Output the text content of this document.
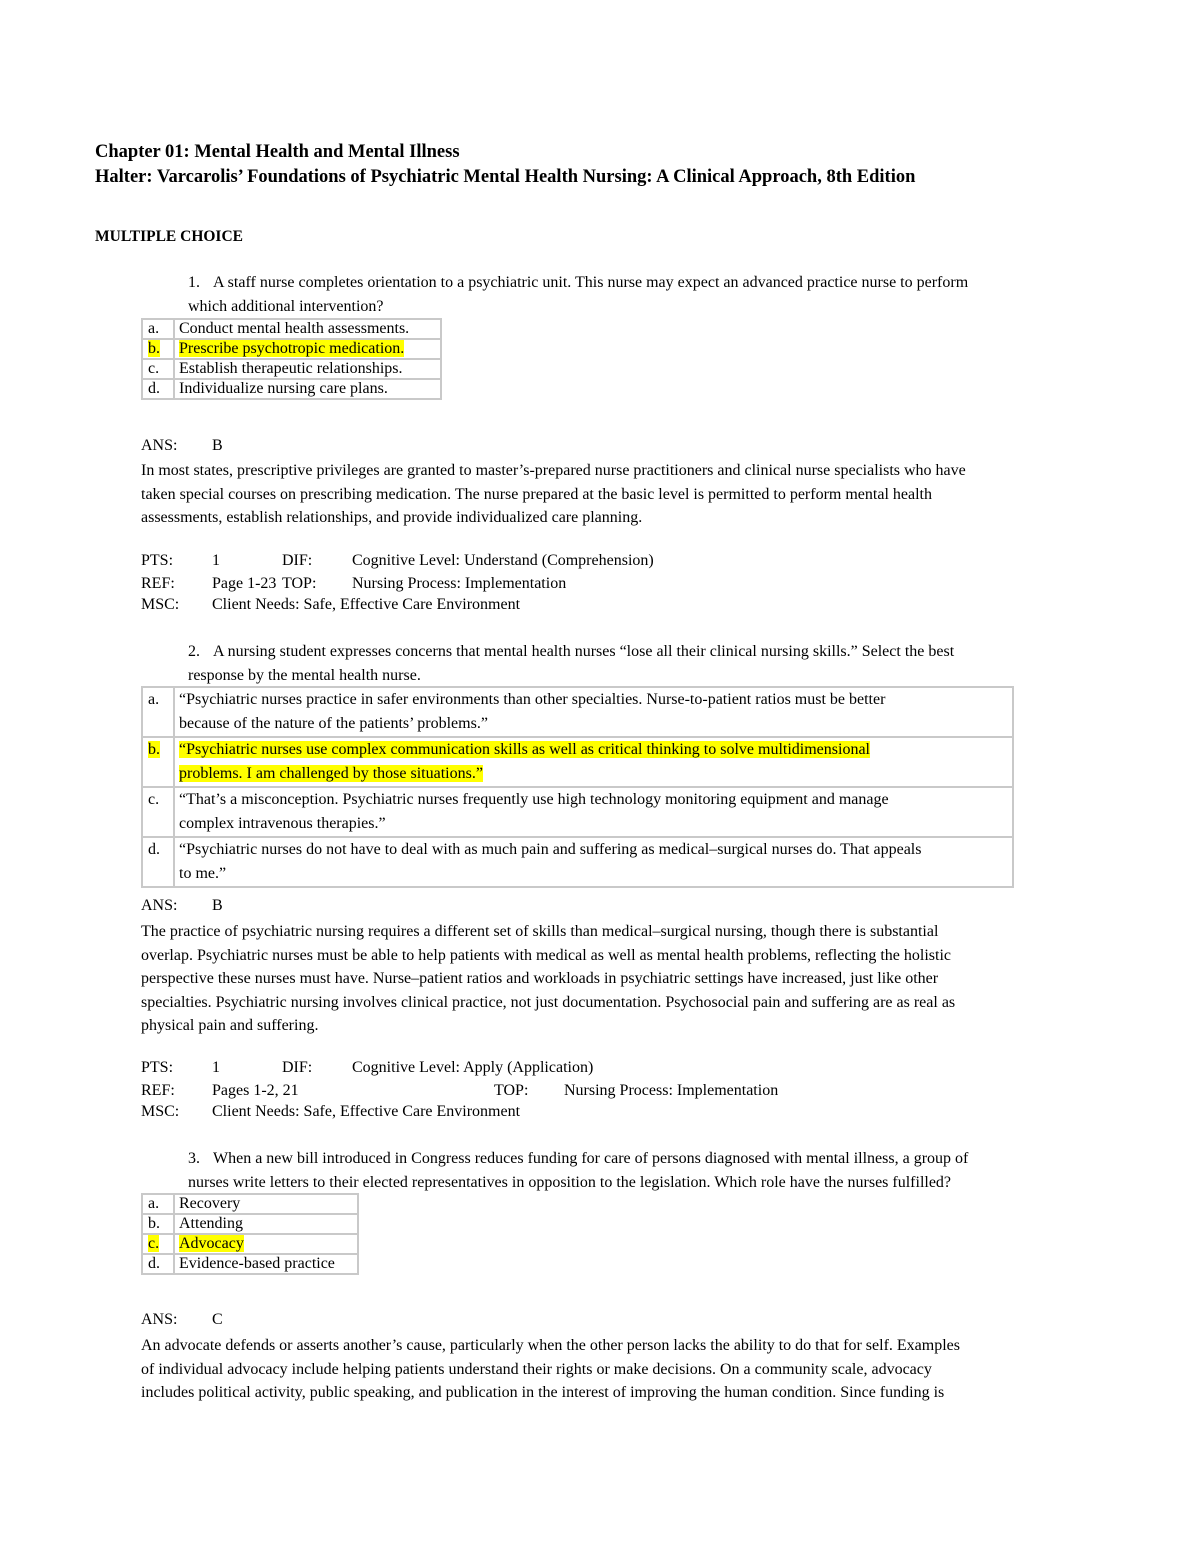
Chapter 01: Mental Health and Mental Illness
Halter: Varcarolis’ Foundations of Psychiatric Mental Health Nursing: A Clinical Approach, 8th Edition
MULTIPLE CHOICE
1. A staff nurse completes orientation to a psychiatric unit. This nurse may expect an advanced practice nurse to perform
which additional intervention?
a.	Conduct mental health assessments.
b.	Prescribe psychotropic medication.
c.	Establish therapeutic relationships.
d.	Individualize nursing care plans.
ANS: B
In most states, prescriptive privileges are granted to master’s-prepared nurse practitioners and clinical nurse specialists who have
taken special courses on prescribing medication. The nurse prepared at the basic level is permitted to perform mental health
assessments, establish relationships, and provide individualized care planning.
PTS: 1	DIF: Cognitive Level: Understand (Comprehension)
REF: Page 1-23 TOP: Nursing Process: Implementation
MSC: Client Needs: Safe, Effective Care Environment
2. A nursing student expresses concerns that mental health nurses “lose all their clinical nursing skills.” Select the best
response by the mental health nurse.
a.	“Psychiatric nurses practice in safer environments than other specialties. Nurse-to-patient ratios must be better
because of the nature of the patients’ problems.”

b.	“Psychiatric nurses use complex communication skills as well as critical thinking to solve multidimensional
problems. I am challenged by those situations.”

c.	“That’s a misconception. Psychiatric nurses frequently use high technology monitoring equipment and manage
complex intravenous therapies.”

d.	“Psychiatric nurses do not have to deal with as much pain and suffering as medical–surgical nurses do. That appeals
to me.”
ANS: B
The practice of psychiatric nursing requires a different set of skills than medical–surgical nursing, though there is substantial
overlap. Psychiatric nurses must be able to help patients with medical as well as mental health problems, reflecting the holistic
perspective these nurses must have. Nurse–patient ratios and workloads in psychiatric settings have increased, just like other
specialties. Psychiatric nursing involves clinical practice, not just documentation. Psychosocial pain and suffering are as real as
physical pain and suffering.
PTS: 1	DIF: Cognitive Level: Apply (Application)
REF: Pages 1-2, 21	TOP: Nursing Process: Implementation
MSC: Client Needs: Safe, Effective Care Environment
3. When a new bill introduced in Congress reduces funding for care of persons diagnosed with mental illness, a group of
nurses write letters to their elected representatives in opposition to the legislation. Which role have the nurses fulfilled?
a.	Recovery
b.	Attending
c.	Advocacy
d.	Evidence-based practice
ANS: C
An advocate defends or asserts another’s cause, particularly when the other person lacks the ability to do that for self. Examples
of individual advocacy include helping patients understand their rights or make decisions. On a community scale, advocacy
includes political activity, public speaking, and publication in the interest of improving the human condition. Since funding is
